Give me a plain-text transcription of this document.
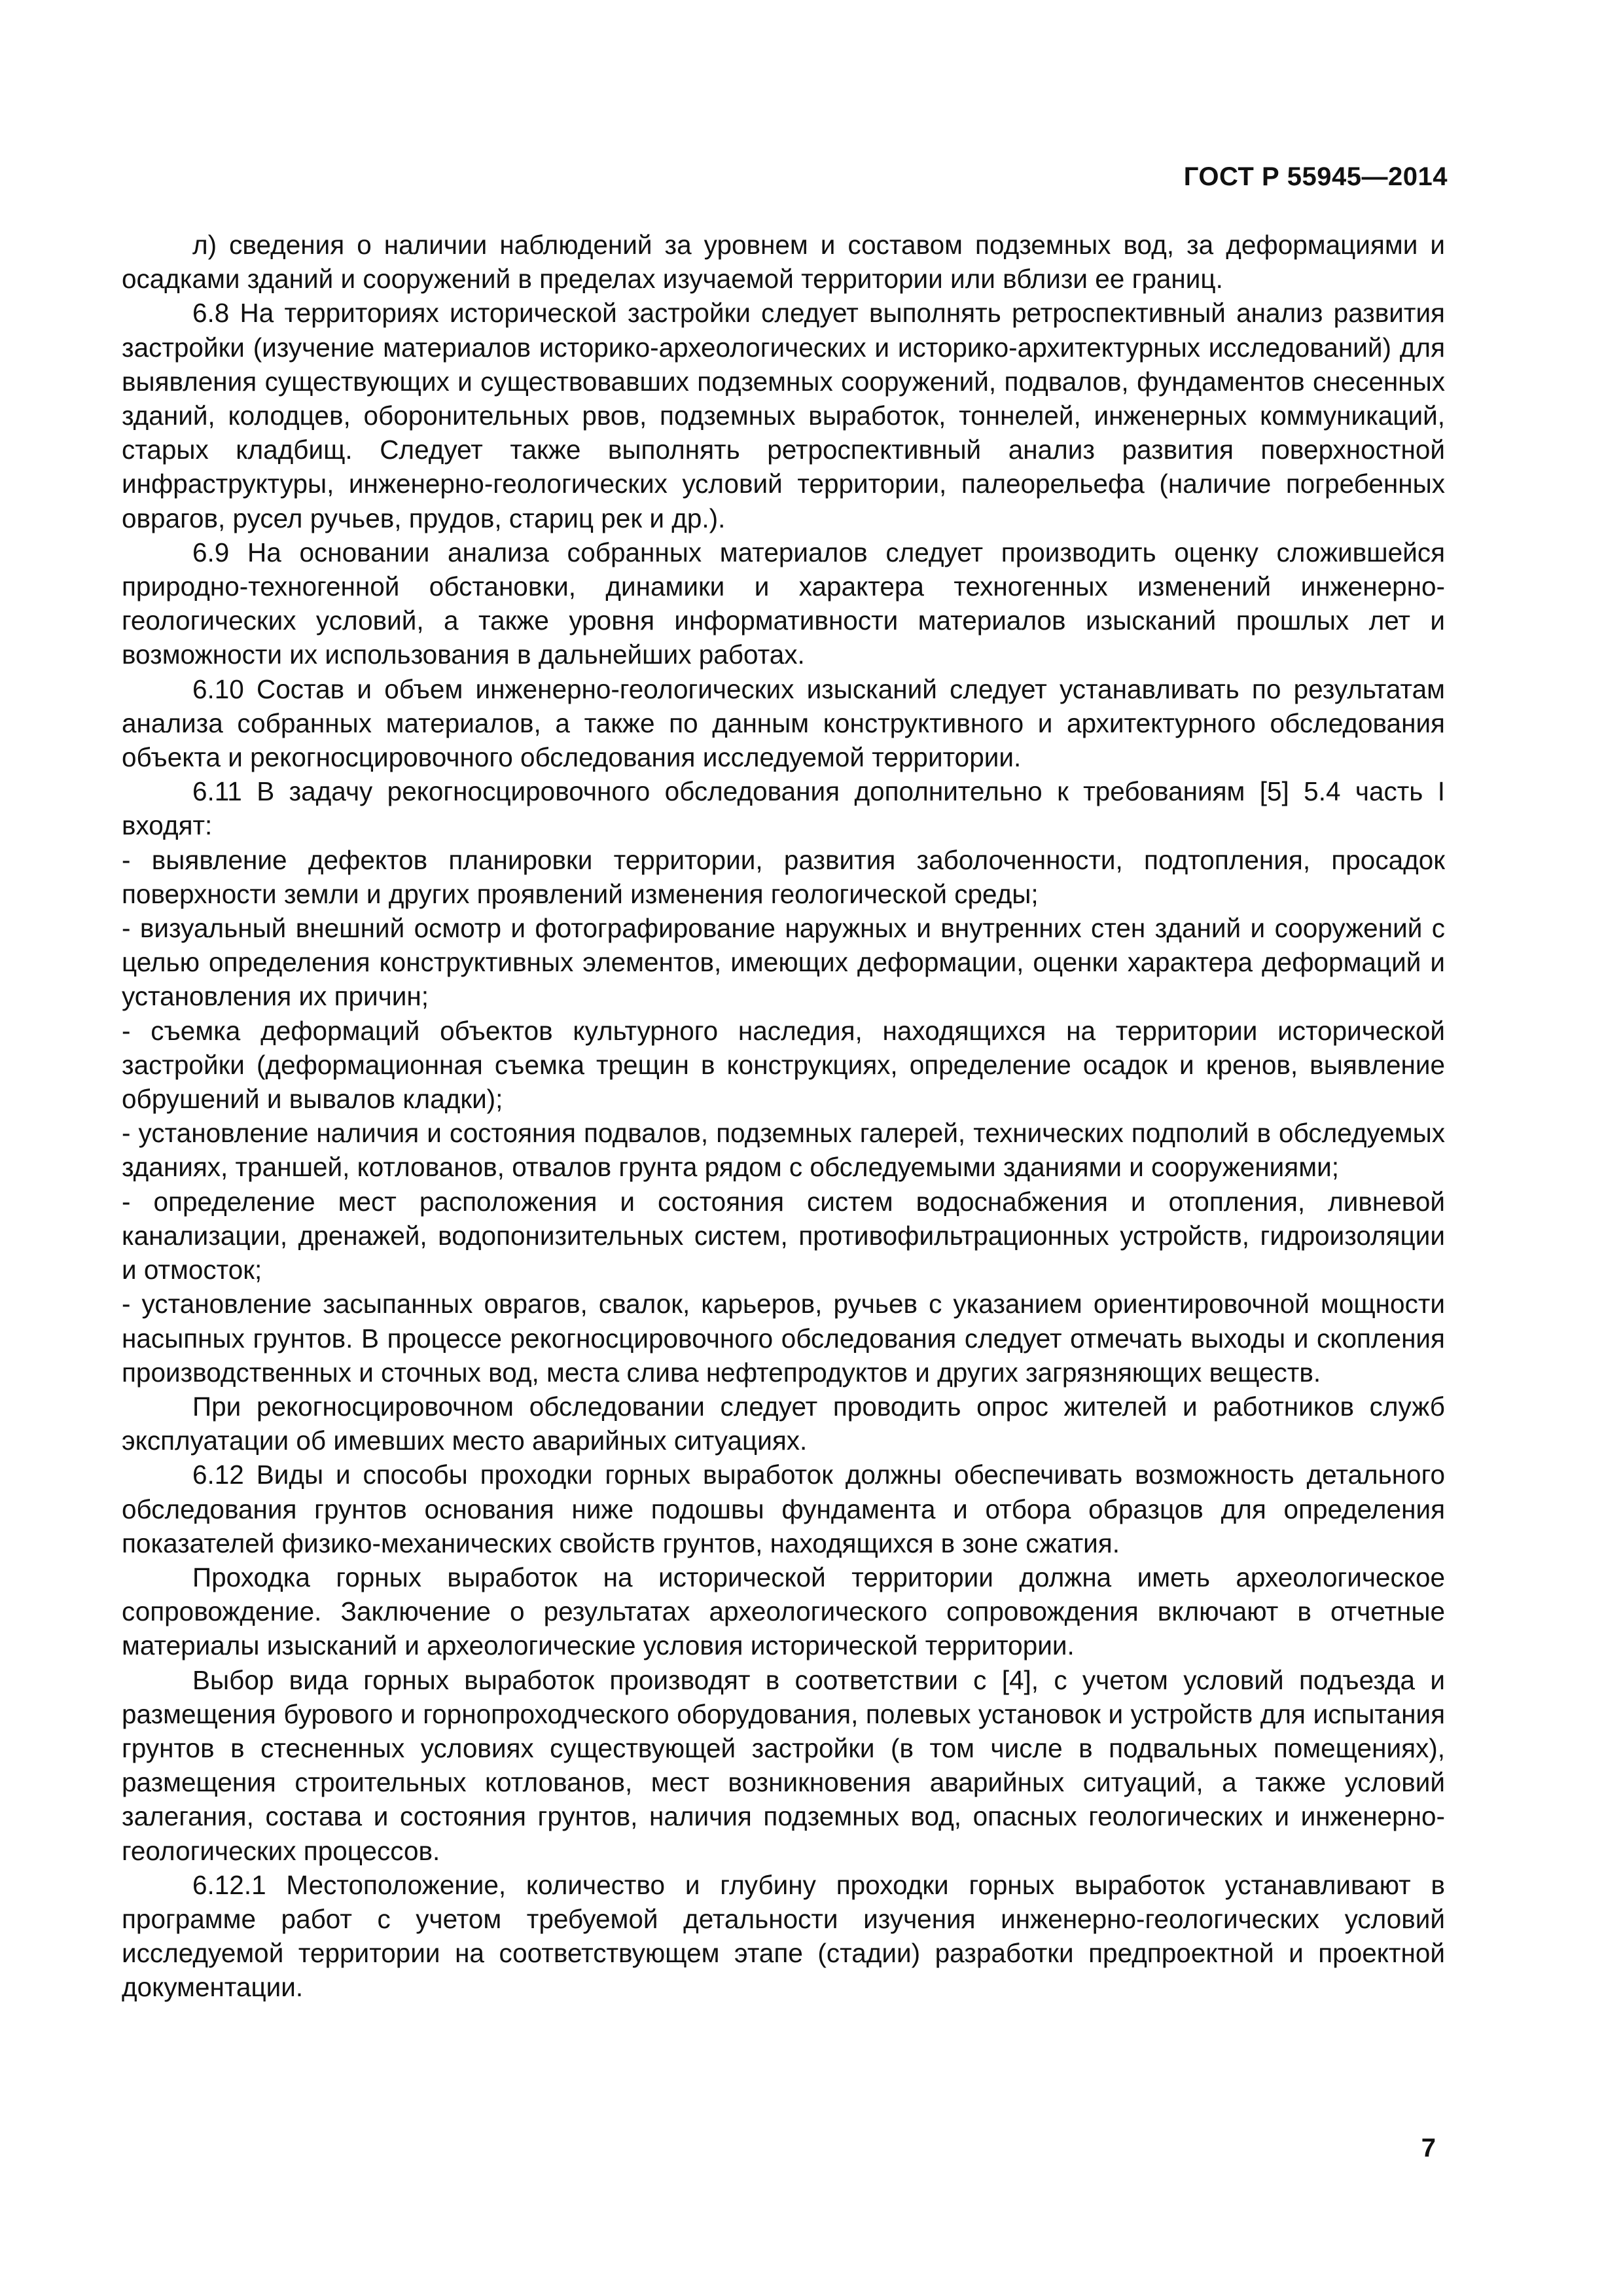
ГОСТ Р 55945—2014

л) сведения о наличии наблюдений за уровнем и составом подземных вод, за деформациями и осадками зданий и сооружений в пределах изучаемой территории или вблизи ее границ.

6.8 На территориях исторической застройки следует выполнять ретроспективный анализ развития застройки (изучение материалов историко-археологических и историко-архитектурных исследований) для выявления существующих и существовавших подземных сооружений, подвалов, фундаментов снесенных зданий, колодцев, оборонительных рвов, подземных выработок, тоннелей, инженерных коммуникаций, старых кладбищ. Следует также выполнять ретроспективный анализ развития поверхностной инфраструктуры, инженерно-геологических условий территории, палеорельефа (наличие погребенных оврагов, русел ручьев, прудов, стариц рек и др.).

6.9 На основании анализа собранных материалов следует производить оценку сложившейся природно-техногенной обстановки, динамики и характера техногенных изменений инженерно-геологических условий, а также уровня информативности материалов изысканий прошлых лет и возможности их использования в дальнейших работах.

6.10 Состав и объем инженерно-геологических изысканий следует устанавливать по результатам анализа собранных материалов, а также по данным конструктивного и архитектурного обследования объекта и рекогносцировочного обследования исследуемой территории.

6.11 В задачу рекогносцировочного обследования дополнительно к требованиям [5] 5.4 часть I входят:

- выявление дефектов планировки территории, развития заболоченности, подтопления, просадок поверхности земли и других проявлений изменения геологической среды;

- визуальный внешний осмотр и фотографирование наружных и внутренних стен зданий и сооружений с целью определения конструктивных элементов, имеющих деформации, оценки характера деформаций и установления их причин;

- съемка деформаций объектов культурного наследия, находящихся на территории исторической застройки (деформационная съемка трещин в конструкциях, определение осадок и кренов, выявление обрушений и вывалов кладки);

- установление наличия и состояния подвалов, подземных галерей, технических подполий в обследуемых зданиях, траншей, котлованов, отвалов грунта рядом с обследуемыми зданиями и сооружениями;

- определение мест расположения и состояния систем водоснабжения и отопления, ливневой канализации, дренажей, водопонизительных систем, противофильтрационных устройств, гидроизоляции и отмосток;

- установление засыпанных оврагов, свалок, карьеров, ручьев с указанием ориентировочной мощности насыпных грунтов. В процессе рекогносцировочного обследования следует отмечать выходы и скопления производственных и сточных вод, места слива нефтепродуктов и других загрязняющих веществ.

При рекогносцировочном обследовании следует проводить опрос жителей и работников служб эксплуатации об имевших место аварийных ситуациях.

6.12 Виды и способы проходки горных выработок должны обеспечивать возможность детального обследования грунтов основания ниже подошвы фундамента и отбора образцов для определения показателей физико-механических свойств грунтов, находящихся в зоне сжатия.

Проходка горных выработок на исторической территории должна иметь археологическое сопровождение. Заключение о результатах археологического сопровождения включают в отчетные материалы изысканий и археологические условия исторической территории.

Выбор вида горных выработок производят в соответствии с [4], с учетом условий подъезда и размещения бурового и горнопроходческого оборудования, полевых установок и устройств для испытания грунтов в стесненных условиях существующей застройки (в том числе в подвальных помещениях), размещения строительных котлованов, мест возникновения аварийных ситуаций, а также условий залегания, состава и состояния грунтов, наличия подземных вод, опасных геологических и инженерно-геологических процессов.

6.12.1 Местоположение, количество и глубину проходки горных выработок устанавливают в программе работ с учетом требуемой детальности изучения инженерно-геологических условий исследуемой территории на соответствующем этапе (стадии) разработки предпроектной и проектной документации.

7
